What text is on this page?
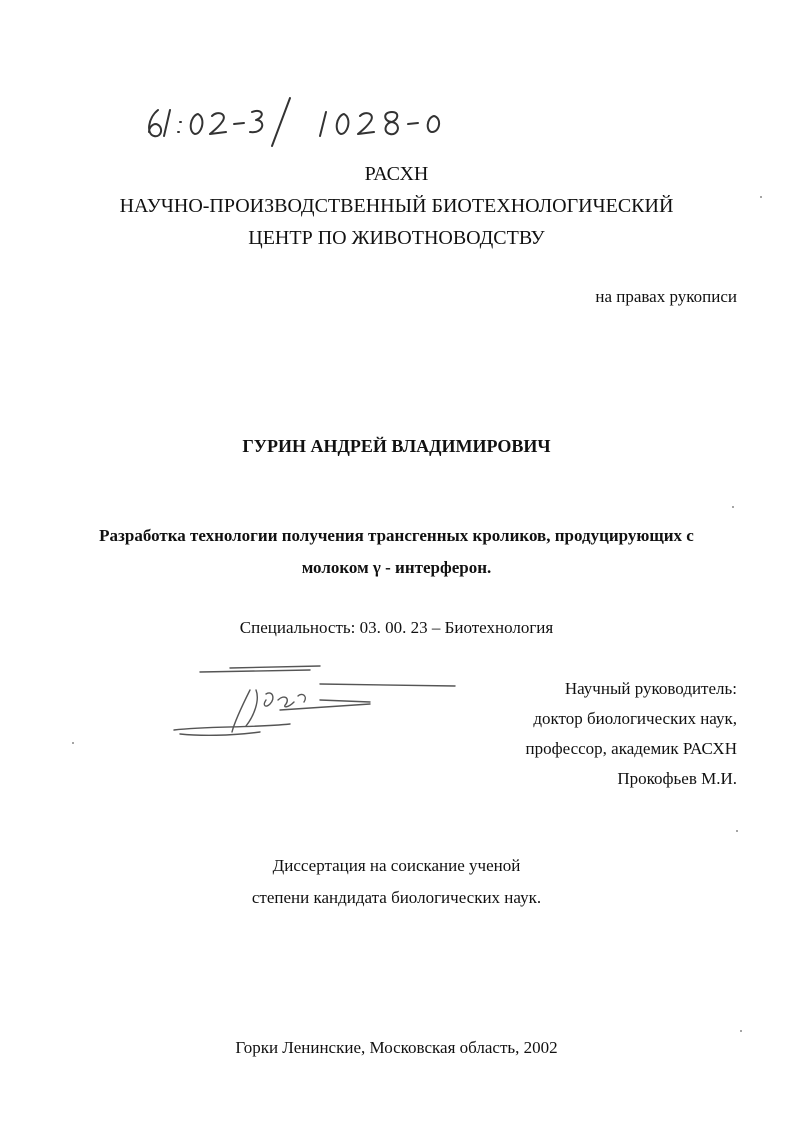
РАСХН
НАУЧНО-ПРОИЗВОДСТВЕННЫЙ БИОТЕХНОЛОГИЧЕСКИЙ
ЦЕНТР ПО ЖИВОТНОВОДСТВУ
на правах рукописи
ГУРИН АНДРЕЙ ВЛАДИМИРОВИЧ
Разработка технологии получения трансгенных кроликов, продуцирующих с
молоком γ - интерферон.
Специальность: 03. 00. 23 – Биотехнология
Научный руководитель:
доктор биологических наук,
профессор, академик РАСХН
Прокофьев М.И.
Диссертация на соискание ученой
степени кандидата биологических наук.
Горки Ленинские, Московская область, 2002
